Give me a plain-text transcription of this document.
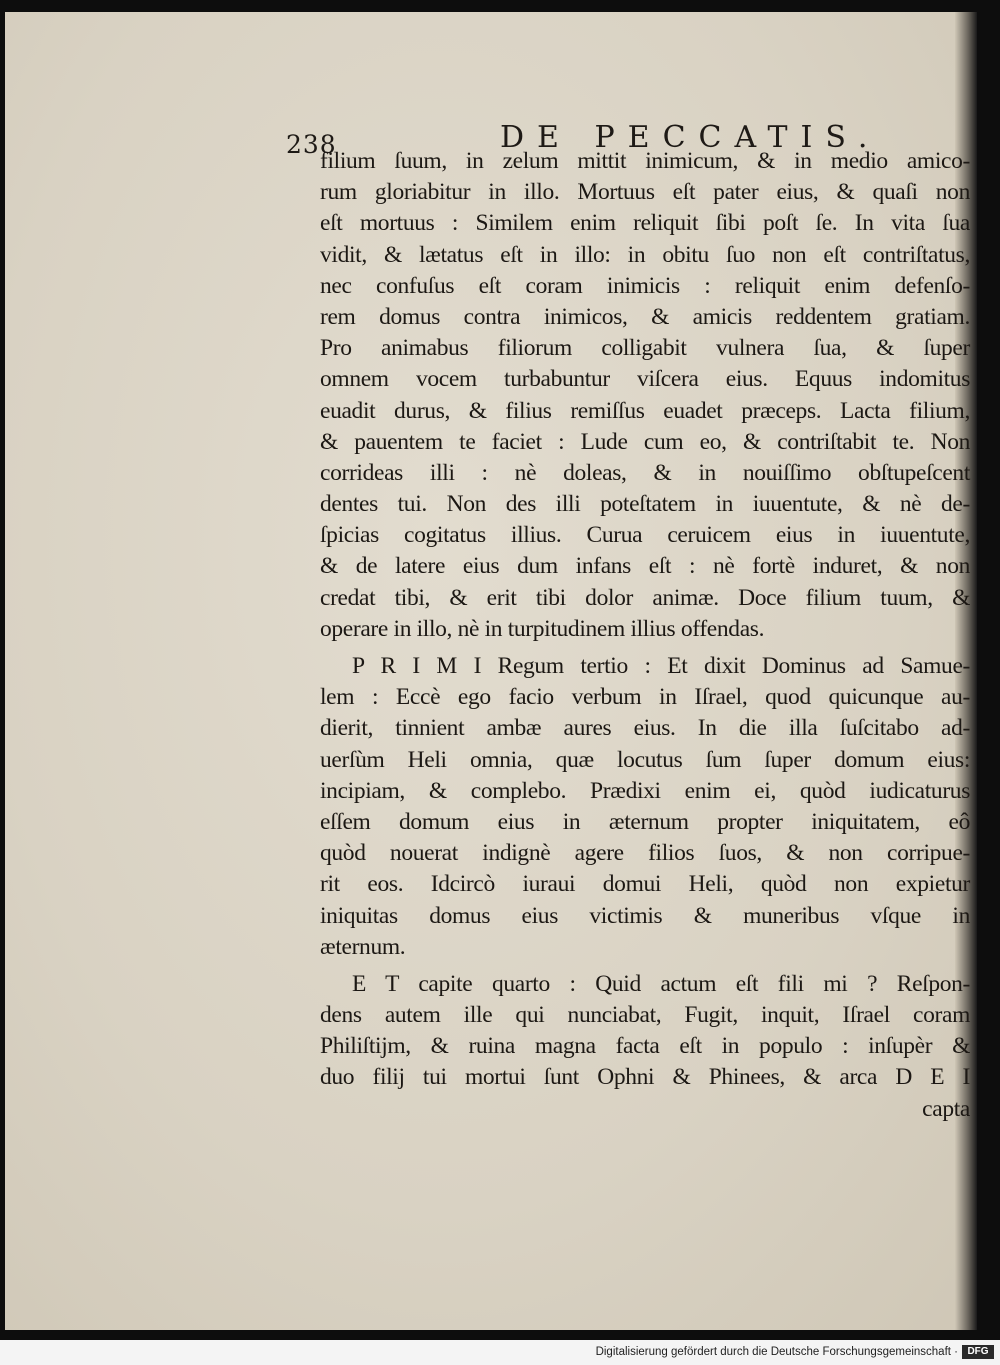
238	DE PECCATIS.
filium ſuum, in zelum mittit inimicum, & in medio amico-
rum gloriabitur in illo. Mortuus eſt pater eius, & quaſi non
eſt mortuus : Similem enim reliquit ſibi poſt ſe. In vita ſua
vidit, & lætatus eſt in illo: in obitu ſuo non eſt contriſtatus,
nec confuſus eſt coram inimicis : reliquit enim defenſo-
rem domus contra inimicos, & amicis reddentem gratiam.
Pro animabus filiorum colligabit vulnera ſua, & ſuper
omnem vocem turbabuntur viſcera eius. Equus indomitus
euadit durus, & filius remiſſus euadet præceps. Lacta filium,
& pauentem te faciet : Lude cum eo, & contriſtabit te. Non
corrideas illi : nè doleas, & in nouiſſimo obſtupeſcent
dentes tui. Non des illi poteſtatem in iuuentute, & nè de-
ſpicias cogitatus illius. Curua ceruicem eius in iuuentute,
& de latere eius dum infans eſt : nè fortè induret, & non
credat tibi, & erit tibi dolor animæ. Doce filium tuum, &
operare in illo, nè in turpitudinem illius offendas.
P R I M I Regum tertio : Et dixit Dominus ad Samue-
lem : Eccè ego facio verbum in Iſrael, quod quicunque au-
dierit, tinnient ambæ aures eius. In die illa ſuſcitabo ad-
uerſùm Heli omnia, quæ locutus ſum ſuper domum eius:
incipiam, & complebo. Prædixi enim ei, quòd iudicaturus
eſſem domum eius in æternum propter iniquitatem, eô
quòd nouerat indignè agere filios ſuos, & non corripue-
rit eos. Idcircò iuraui domui Heli, quòd non expietur
iniquitas domus eius victimis & muneribus vſque in
æternum.
E T capite quarto : Quid actum eſt fili mi ? Reſpon-
dens autem ille qui nunciabat, Fugit, inquit, Iſrael coram
Philiſtijm, & ruina magna facta eſt in populo : inſupèr &
duo filij tui mortui ſunt Ophni & Phinees, & arca D E I
capta
Digitalisierung gefördert durch die Deutsche Forschungsgemeinschaft · DFG
